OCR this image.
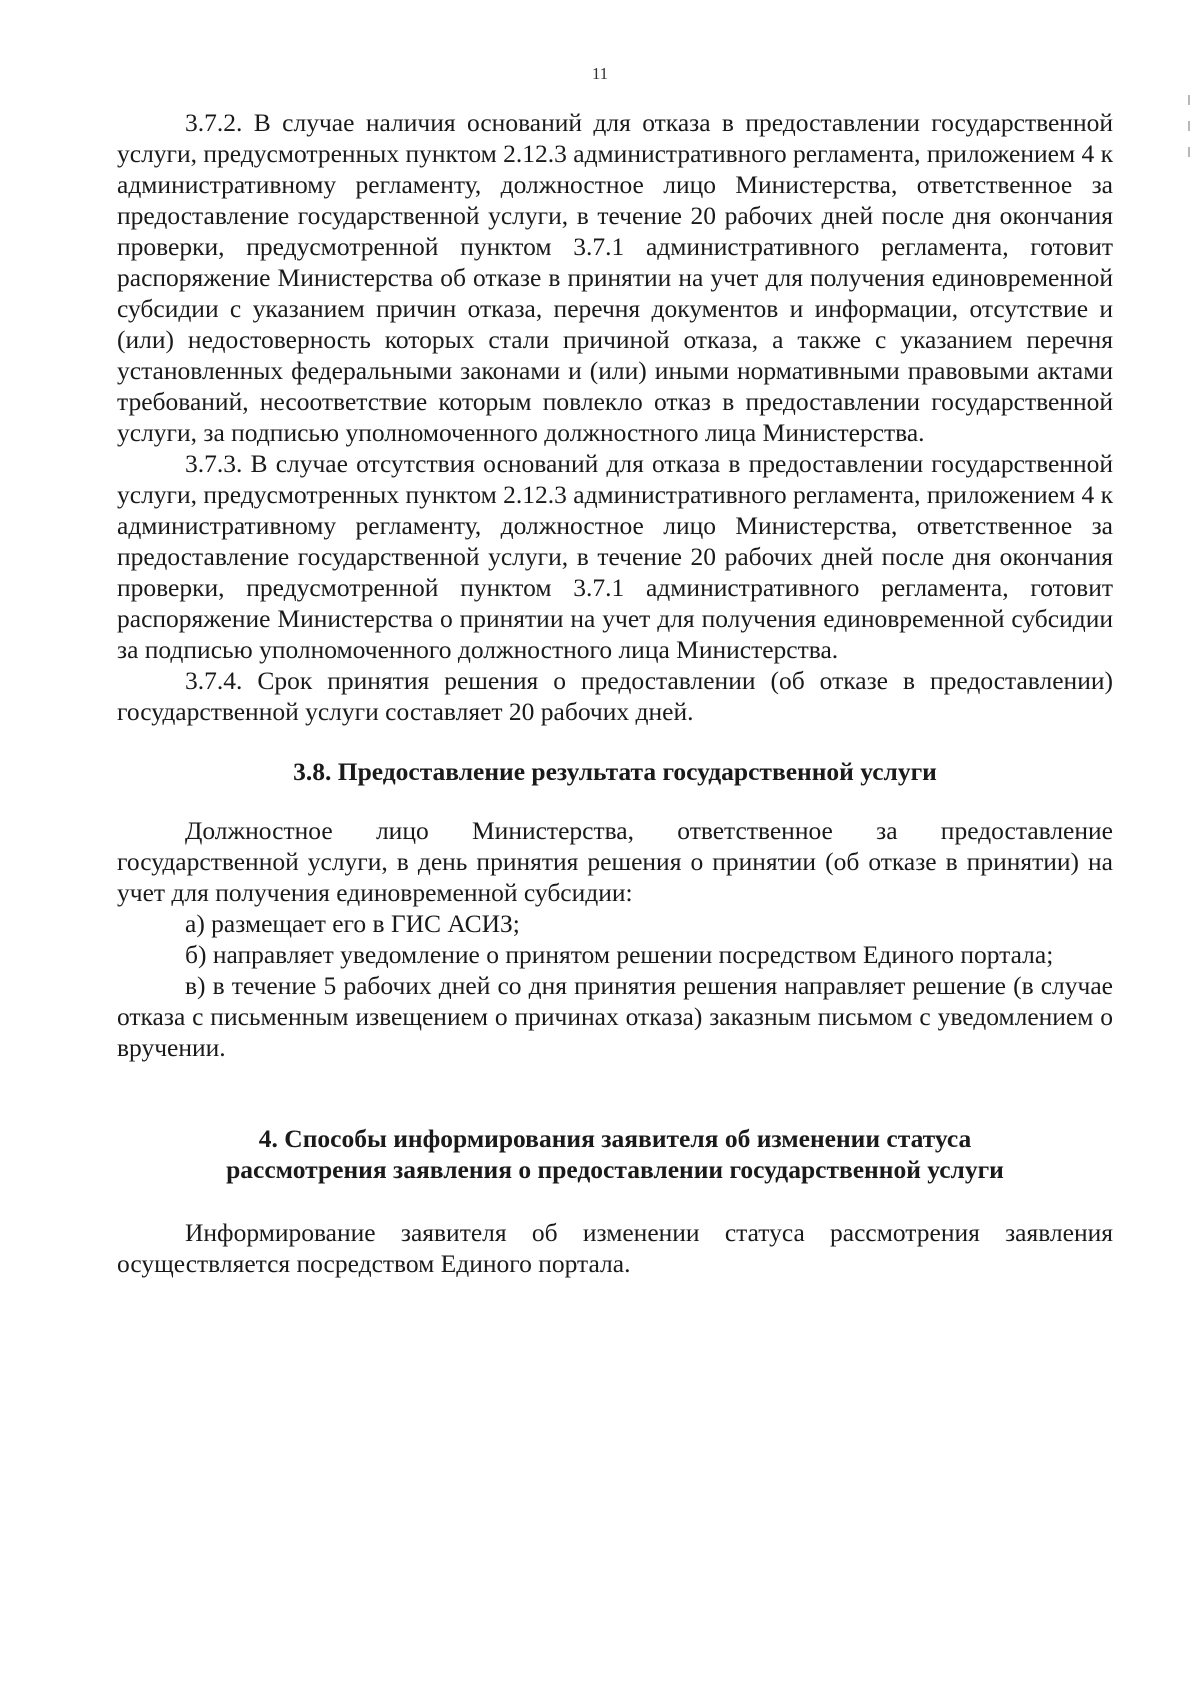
11

3.7.2. В случае наличия оснований для отказа в предоставлении государственной услуги, предусмотренных пунктом 2.12.3 административного регламента, приложением 4 к административному регламенту, должностное лицо Министерства, ответственное за предоставление государственной услуги, в течение 20 рабочих дней после дня окончания проверки, предусмотренной пунктом 3.7.1 административного регламента, готовит распоряжение Министерства об отказе в принятии на учет для получения единовременной субсидии с указанием причин отказа, перечня документов и информации, отсутствие и (или) недостоверность которых стали причиной отказа, а также с указанием перечня установленных федеральными законами и (или) иными нормативными правовыми актами требований, несоответствие которым повлекло отказ в предоставлении государственной услуги, за подписью уполномоченного должностного лица Министерства.

3.7.3. В случае отсутствия оснований для отказа в предоставлении государственной услуги, предусмотренных пунктом 2.12.3 административного регламента, приложением 4 к административному регламенту, должностное лицо Министерства, ответственное за предоставление государственной услуги, в течение 20 рабочих дней после дня окончания проверки, предусмотренной пунктом 3.7.1 административного регламента, готовит распоряжение Министерства о принятии на учет для получения единовременной субсидии за подписью уполномоченного должностного лица Министерства.

3.7.4. Срок принятия решения о предоставлении (об отказе в предоставлении) государственной услуги составляет 20 рабочих дней.

3.8. Предоставление результата государственной услуги

Должностное лицо Министерства, ответственное за предоставление государственной услуги, в день принятия решения о принятии (об отказе в принятии) на учет для получения единовременной субсидии:

а) размещает его в ГИС АСИЗ;

б) направляет уведомление о принятом решении посредством Единого портала;

в) в течение 5 рабочих дней со дня принятия решения направляет решение (в случае отказа с письменным извещением о причинах отказа) заказным письмом с уведомлением о вручении.

4. Способы информирования заявителя об изменении статуса

рассмотрения заявления о предоставлении государственной услуги

Информирование заявителя об изменении статуса рассмотрения заявления осуществляется посредством Единого портала.
